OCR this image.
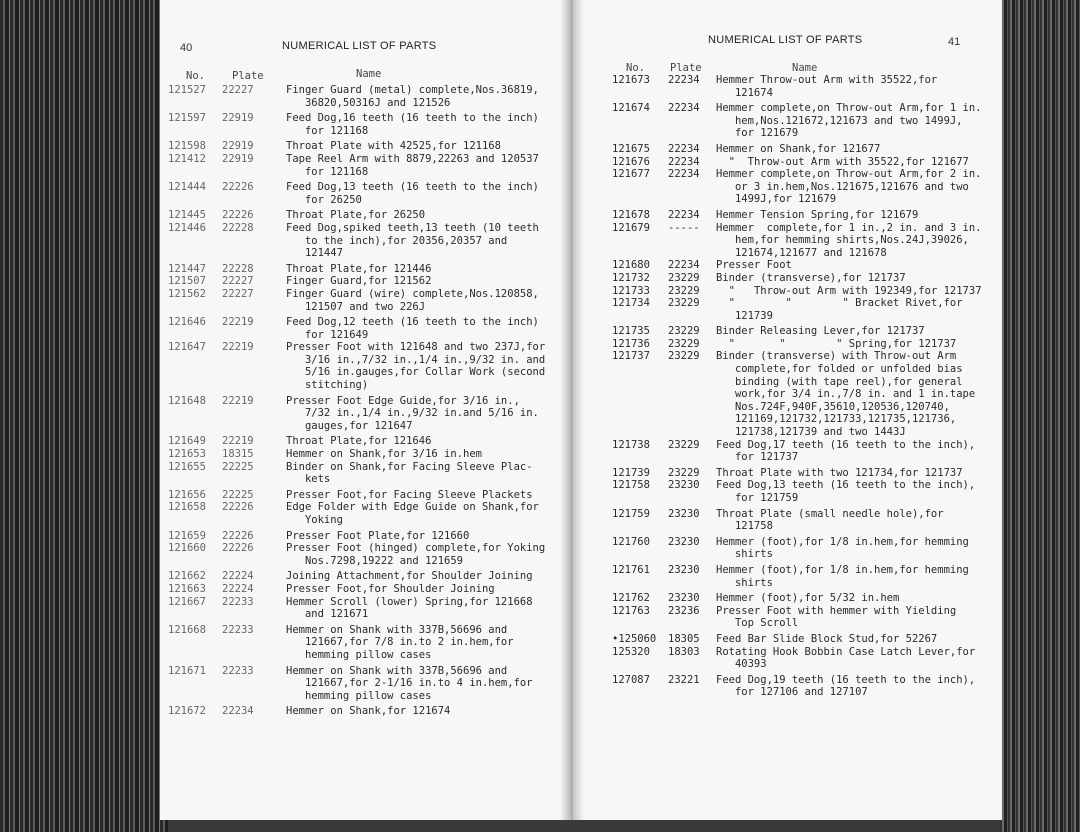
40	NUMERICAL LIST OF PARTS
No.	Plate	Name
121527	22227	Finger Guard (metal) complete,Nos.36819,
36820,50316J and 121526
121597	22919	Feed Dog,16 teeth (16 teeth to the inch)
for 121168
121598	22919	Throat Plate with 42525,for 121168
121412	22919	Tape Reel Arm with 8879,22263 and 120537
for 121168
121444	22226	Feed Dog,13 teeth (16 teeth to the inch)
for 26250
121445	22226	Throat Plate,for 26250
121446	22228	Feed Dog,spiked teeth,13 teeth (10 teeth
to the inch),for 20356,20357 and
121447
121447	22228	Throat Plate,for 121446
121507	22227	Finger Guard,for 121562
121562	22227	Finger Guard (wire) complete,Nos.120858,
121507 and two 226J
121646	22219	Feed Dog,12 teeth (16 teeth to the inch)
for 121649
121647	22219	Presser Foot with 121648 and two 237J,for
3/16 in.,7/32 in.,1/4 in.,9/32 in. and
5/16 in.gauges,for Collar Work (second
stitching)
121648	22219	Presser Foot Edge Guide,for 3/16 in.,
7/32 in.,1/4 in.,9/32 in.and 5/16 in.
gauges,for 121647
121649	22219	Throat Plate,for 121646
121653	18315	Hemmer on Shank,for 3/16 in.hem
121655	22225	Binder on Shank,for Facing Sleeve Plac-
kets
121656	22225	Presser Foot,for Facing Sleeve Plackets
121658	22226	Edge Folder with Edge Guide on Shank,for
Yoking
121659	22226	Presser Foot Plate,for 121660
121660	22226	Presser Foot (hinged) complete,for Yoking
Nos.7298,19222 and 121659
121662	22224	Joining Attachment,for Shoulder Joining
121663	22224	Presser Foot,for Shoulder Joining
121667	22233	Hemmer Scroll (lower) Spring,for 121668
and 121671
121668	22233	Hemmer on Shank with 337B,56696 and
121667,for 7/8 in.to 2 in.hem,for
hemming pillow cases
121671	22233	Hemmer on Shank with 337B,56696 and
121667,for 2-1/16 in.to 4 in.hem,for
hemming pillow cases
121672	22234	Hemmer on Shank,for 121674
NUMERICAL LIST OF PARTS	41
No. Plate	Name
121673	22234	Hemmer Throw-out Arm with 35522,for
121674
121674	22234	Hemmer complete,on Throw-out Arm,for 1 in.
hem,Nos.121672,121673 and two 1499J,
for 121679
121675	22234	Hemmer on Shank,for 121677
121676	22234	"  Throw-out Arm with 35522,for 121677
121677	22234	Hemmer complete,on Throw-out Arm,for 2 in.
or 3 in.hem,Nos.121675,121676 and two
1499J,for 121679
121678	22234	Hemmer Tension Spring,for 121679
121679	-----	Hemmer  complete,for 1 in.,2 in. and 3 in.
hem,for hemming shirts,Nos.24J,39026,
121674,121677 and 121678
121680	22234	Presser Foot
121732	23229	Binder (transverse),for 121737
121733	23229	"   Throw-out Arm with 192349,for 121737
121734	23229	"        "        " Bracket Rivet,for
121739
121735	23229	Binder Releasing Lever,for 121737
121736	23229	"       "        " Spring,for 121737
121737	23229	Binder (transverse) with Throw-out Arm
complete,for folded or unfolded bias
binding (with tape reel),for general
work,for 3/4 in.,7/8 in. and 1 in.tape
Nos.724F,940F,35610,120536,120740,
121169,121732,121733,121735,121736,
121738,121739 and two 1443J
121738	23229	Feed Dog,17 teeth (16 teeth to the inch),
for 121737
121739	23229	Throat Plate with two 121734,for 121737
121758	23230	Feed Dog,13 teeth (16 teeth to the inch),
for 121759
121759	23230	Throat Plate (small needle hole),for
121758
121760	23230	Hemmer (foot),for 1/8 in.hem,for hemming
shirts
121761	23230	Hemmer (foot),for 1/8 in.hem,for hemming
shirts
121762	23230	Hemmer (foot),for 5/32 in.hem
121763	23236	Presser Foot with hemmer with Yielding
Top Scroll
•125060	18305	Feed Bar Slide Block Stud,for 52267
125320	18303	Rotating Hook Bobbin Case Latch Lever,for
40393
127087	23221	Feed Dog,19 teeth (16 teeth to the inch),
for 127106 and 127107
